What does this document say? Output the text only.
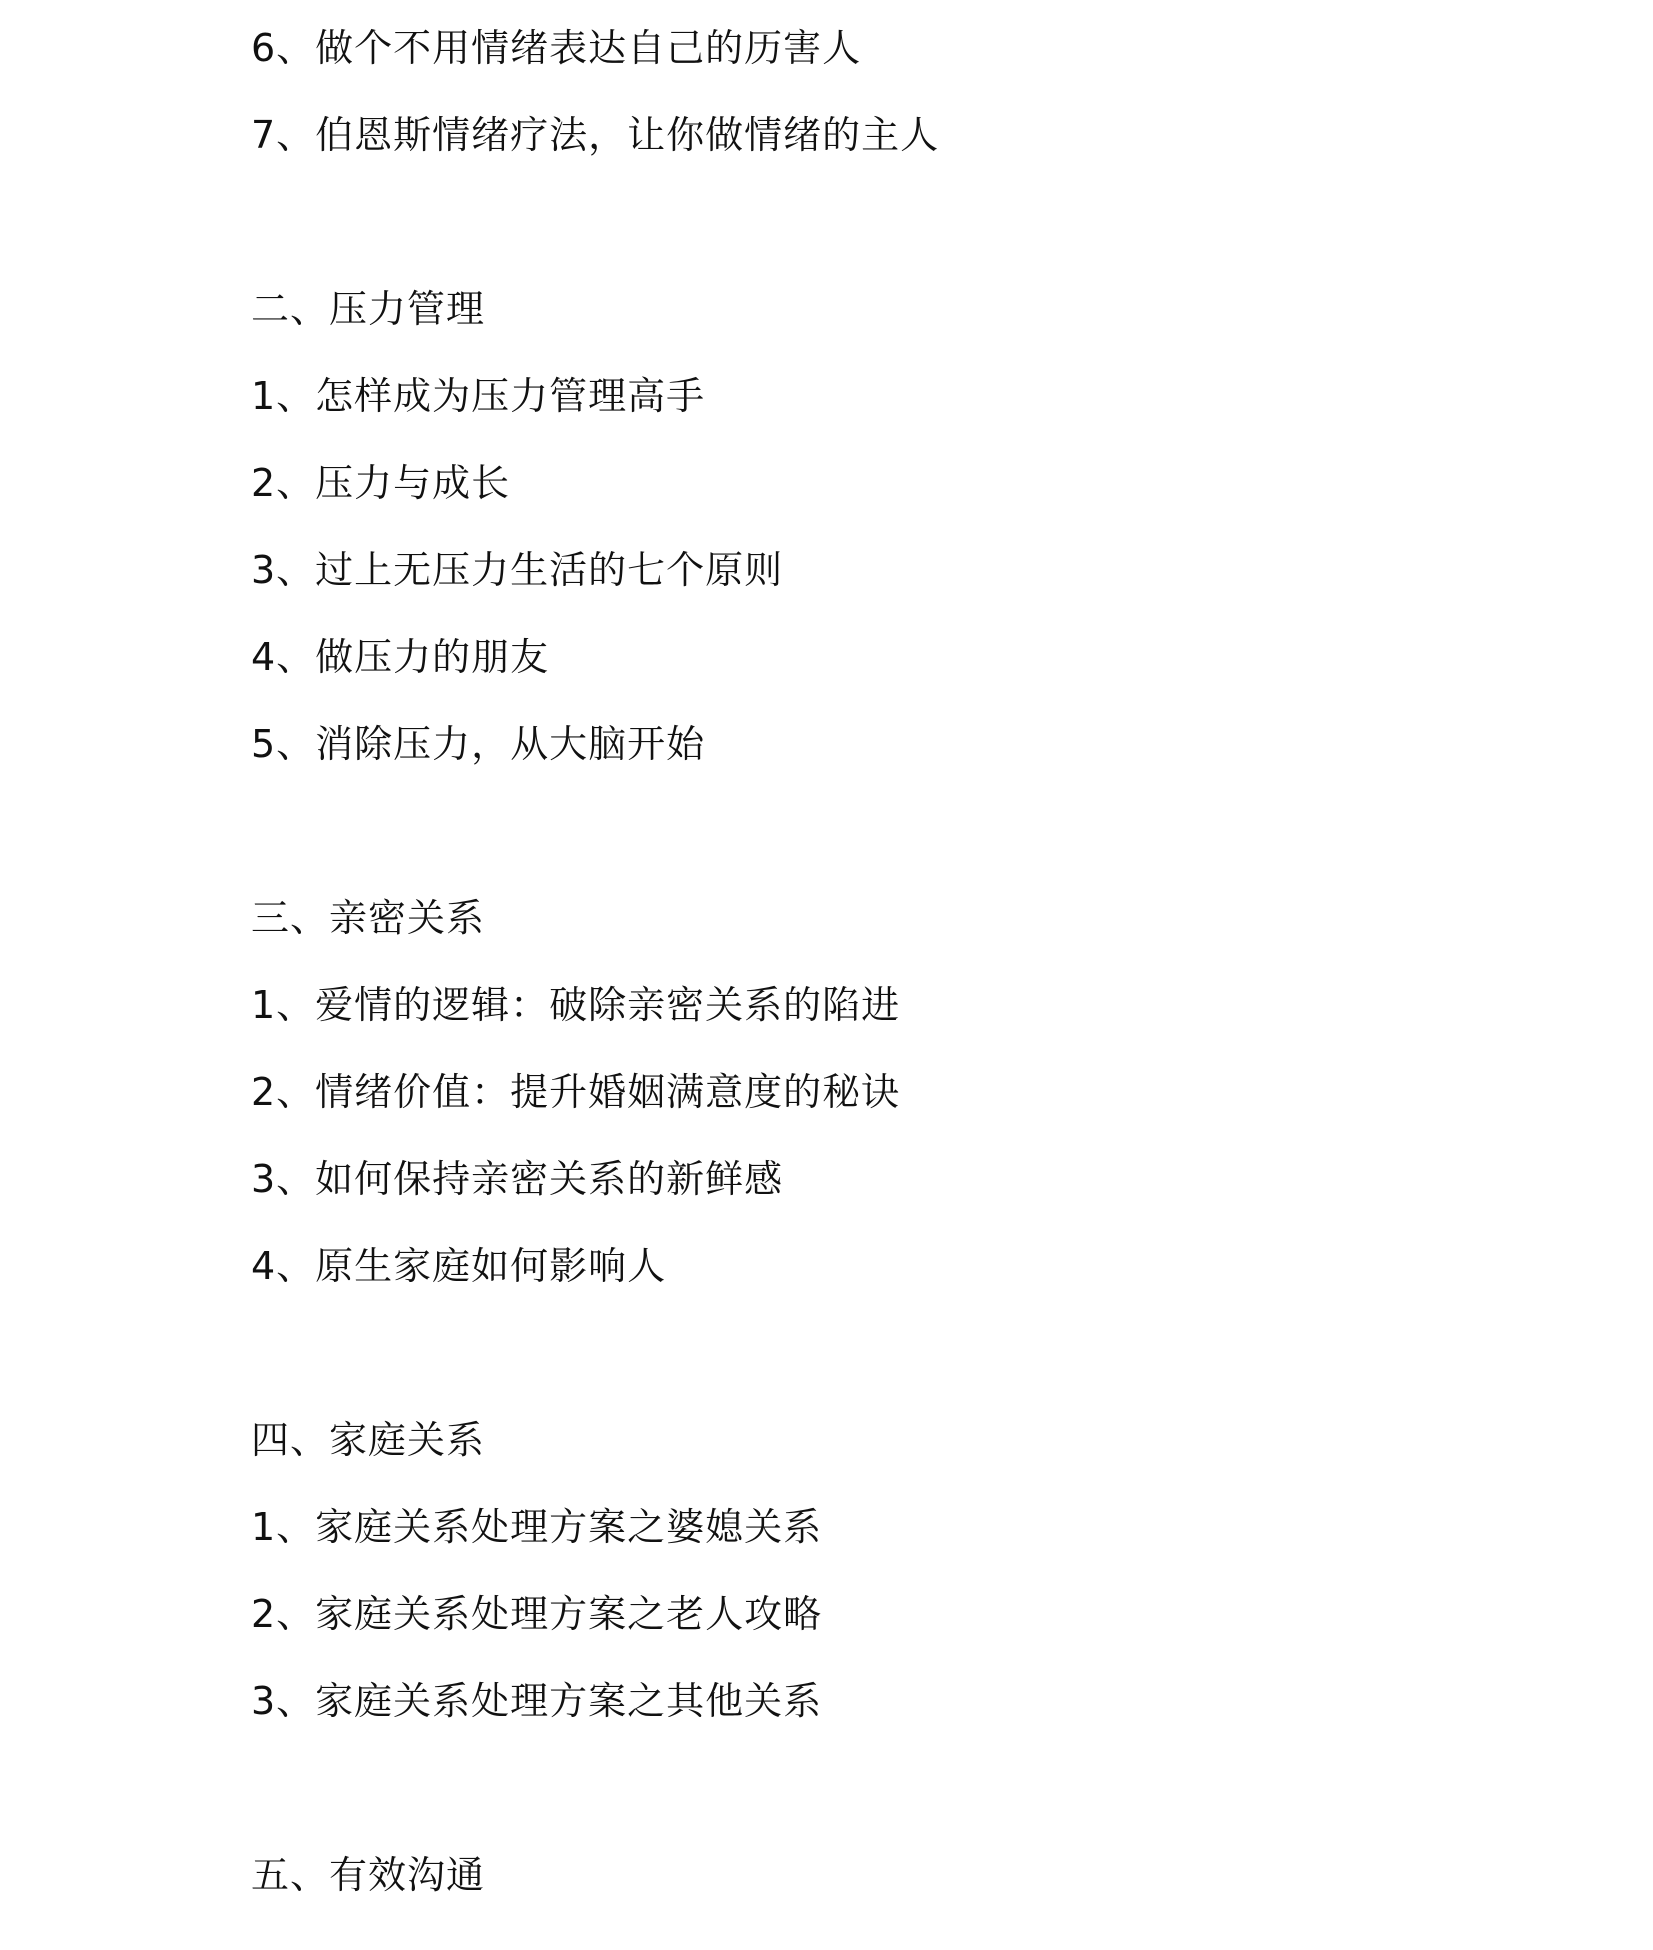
6、做个不用情绪表达自己的历害人
7、伯恩斯情绪疗法，让你做情绪的主人
二、压力管理
1、怎样成为压力管理高手
2、压力与成长
3、过上无压力生活的七个原则
4、做压力的朋友
5、消除压力，从大脑开始
三、亲密关系
1、爱情的逻辑：破除亲密关系的陷进
2、情绪价值：提升婚姻满意度的秘诀
3、如何保持亲密关系的新鲜感
4、原生家庭如何影响人
四、家庭关系
1、家庭关系处理方案之婆媳关系
2、家庭关系处理方案之老人攻略
3、家庭关系处理方案之其他关系
五、有效沟通
